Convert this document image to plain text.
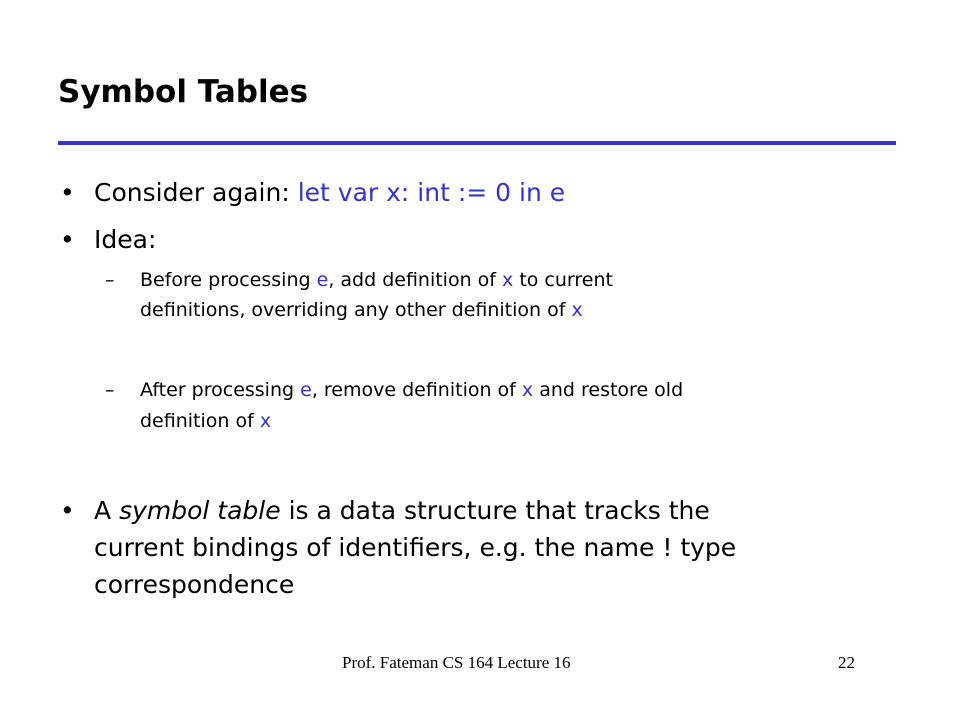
Symbol Tables
• Consider again: let var x: int := 0 in e
• Idea:
– Before processing e, add definition of x to current
definitions, overriding any other definition of x
– After processing e, remove definition of x and restore old
definition of x
• A symbol table is a data structure that tracks the
current bindings of identifiers, e.g. the name ! type
correspondence
Prof. Fateman CS 164 Lecture 16	22
